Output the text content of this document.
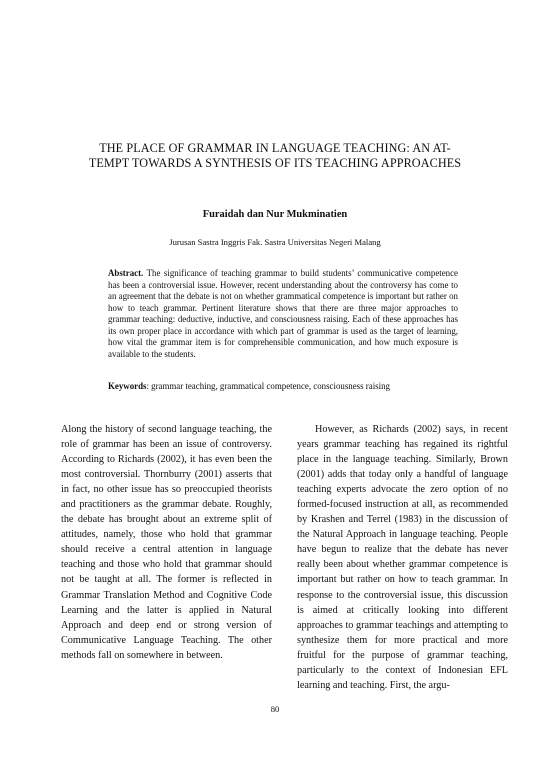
THE PLACE OF GRAMMAR IN LANGUAGE TEACHING: AN AT-
TEMPT TOWARDS A SYNTHESIS OF ITS TEACHING APPROACHES
Furaidah dan Nur Mukminatien
Jurusan Sastra Inggris Fak. Sastra Universitas Negeri Malang
Abstract. The significance of teaching grammar to build students’ communicative competence has been a controversial issue. However, recent understanding about the controversy has come to an agreement that the debate is not on whether grammatical competence is important but rather on how to teach grammar. Pertinent literature shows that there are three major approaches to grammar teaching: deductive, inductive, and consciousness raising. Each of these approaches has its own proper place in accordance with which part of grammar is used as the target of learning, how vital the grammar item is for comprehensible communication, and how much exposure is available to the students.
Keywords: grammar teaching, grammatical competence, consciousness raising

Along the history of second language teaching, the role of grammar has been an issue of controversy. According to Richards (2002), it has even been the most controversial. Thornburry (2001) asserts that in fact, no other issue has so preoccupied theorists and practitioners as the grammar debate. Roughly, the debate has brought about an extreme split of attitudes, namely, those who hold that grammar should receive a central attention in language teaching and those who hold that grammar should not be taught at all. The former is reflected in Grammar Translation Method and Cognitive Code Learning and the latter is applied in Natural Approach and deep end or strong version of Communicative Language Teaching. The other methods fall on somewhere in between.

However, as Richards (2002) says, in recent years grammar teaching has regained its rightful place in the language teaching. Similarly, Brown (2001) adds that today only a handful of language teaching experts advocate the zero option of no formed-focused instruction at all, as recommended by Krashen and Terrel (1983) in the discussion of the Natural Approach in language teaching. People have begun to realize that the debate has never really been about whether grammar competence is important but rather on how to teach grammar. In response to the controversial issue, this discussion is aimed at critically looking into different approaches to grammar teachings and attempting to synthesize them for more practical and more fruitful for the purpose of grammar teaching, particularly to the context of Indonesian EFL learning and teaching. First, the argu-

80
